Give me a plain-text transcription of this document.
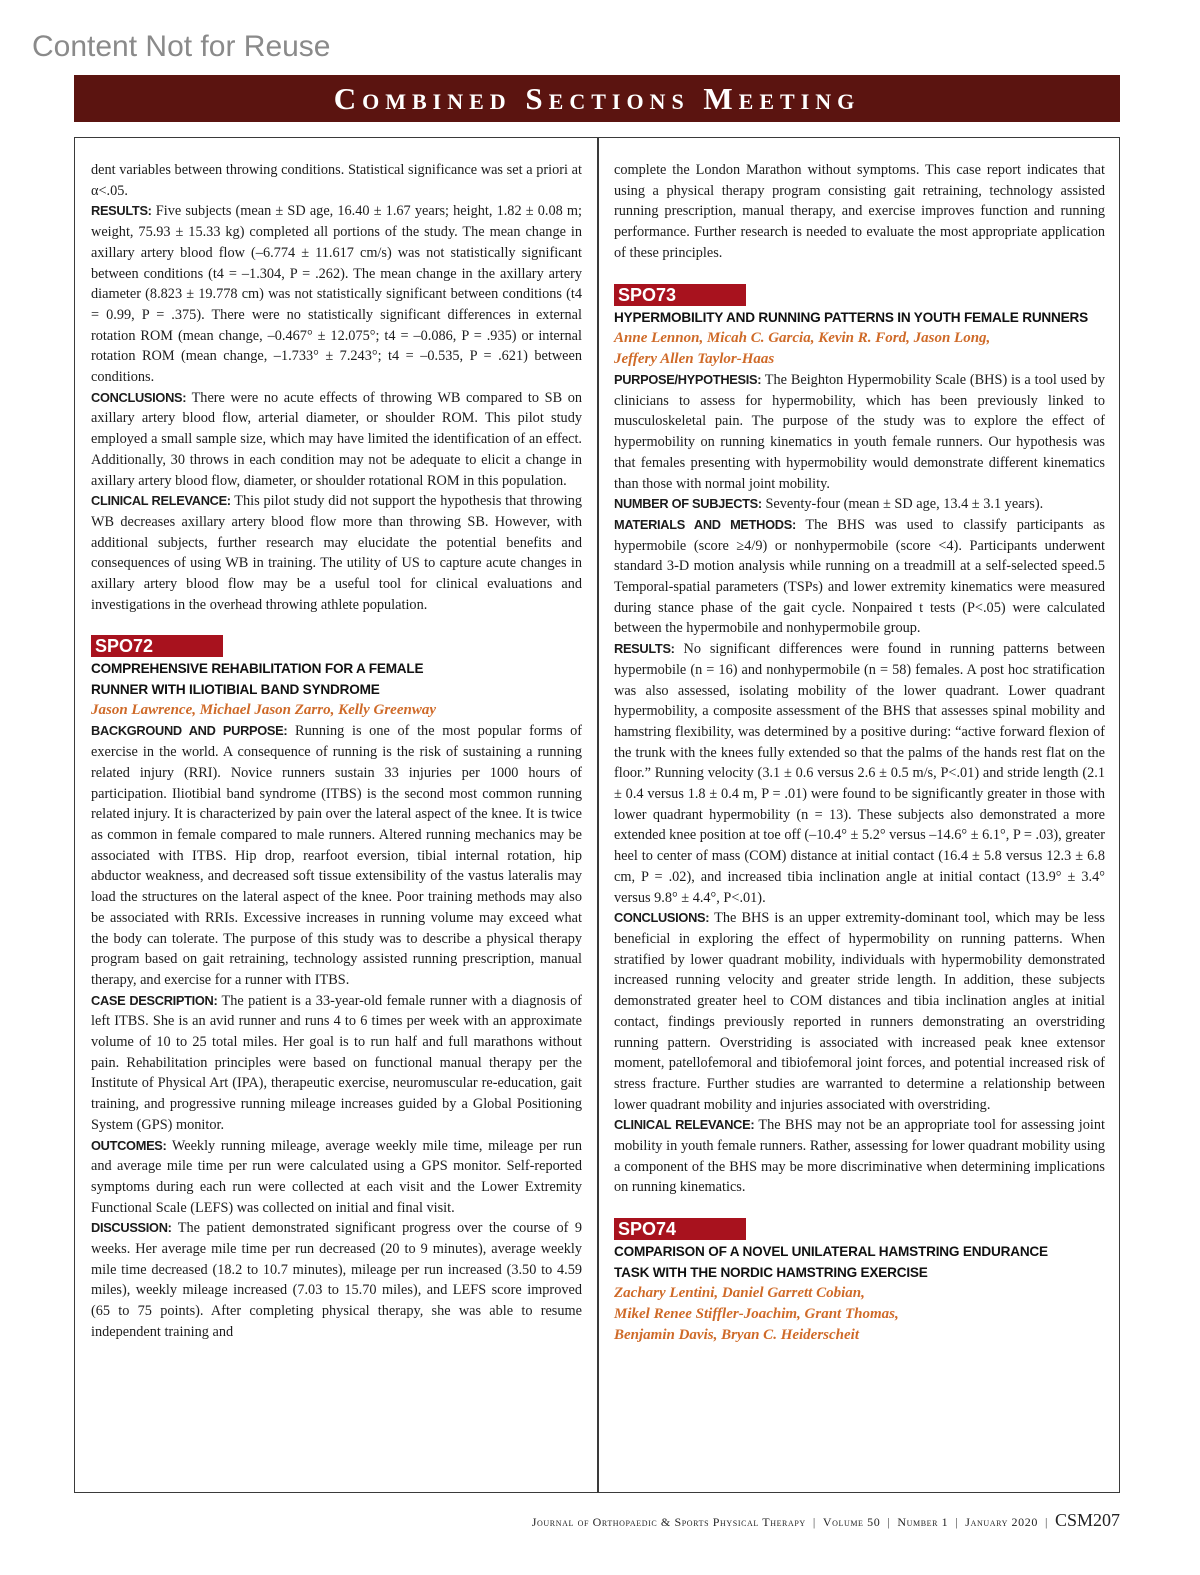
Content Not for Reuse
Combined Sections Meeting

dent variables between throwing conditions. Statistical significance was set a priori at α<.05.

RESULTS: Five subjects (mean ± SD age, 16.40 ± 1.67 years; height, 1.82 ± 0.08 m; weight, 75.93 ± 15.33 kg) completed all portions of the study. The mean change in axillary artery blood flow (–6.774 ± 11.617 cm/s) was not statistically significant between conditions (t4 = –1.304, P = .262). The mean change in the axillary artery diameter (8.823 ± 19.778 cm) was not statistically significant between conditions (t4 = 0.99, P = .375). There were no statistically significant differences in external rotation ROM (mean change, –0.467° ± 12.075°; t4 = –0.086, P = .935) or internal rotation ROM (mean change, –1.733° ± 7.243°; t4 = –0.535, P = .621) between conditions.

CONCLUSIONS: There were no acute effects of throwing WB compared to SB on axillary artery blood flow, arterial diameter, or shoulder ROM. This pilot study employed a small sample size, which may have limited the identification of an effect. Additionally, 30 throws in each condition may not be adequate to elicit a change in axillary artery blood flow, diameter, or shoulder rotational ROM in this population.

CLINICAL RELEVANCE: This pilot study did not support the hypothesis that throwing WB decreases axillary artery blood flow more than throwing SB. However, with additional subjects, further research may elucidate the potential benefits and consequences of using WB in training. The utility of US to capture acute changes in axillary artery blood flow may be a useful tool for clinical evaluations and investigations in the overhead throwing athlete population.

SPO72
COMPREHENSIVE REHABILITATION FOR A FEMALE
RUNNER WITH ILIOTIBIAL BAND SYNDROME
Jason Lawrence, Michael Jason Zarro, Kelly Greenway

BACKGROUND AND PURPOSE: Running is one of the most popular forms of exercise in the world. A consequence of running is the risk of sustaining a running related injury (RRI). Novice runners sustain 33 injuries per 1000 hours of participation. Iliotibial band syndrome (ITBS) is the second most common running related injury. It is characterized by pain over the lateral aspect of the knee. It is twice as common in female compared to male runners. Altered running mechanics may be associated with ITBS. Hip drop, rearfoot eversion, tibial internal rotation, hip abductor weakness, and decreased soft tissue extensibility of the vastus lateralis may load the structures on the lateral aspect of the knee. Poor training methods may also be associated with RRIs. Excessive increases in running volume may exceed what the body can tolerate. The purpose of this study was to describe a physical therapy program based on gait retraining, technology assisted running prescription, manual therapy, and exercise for a runner with ITBS.

CASE DESCRIPTION: The patient is a 33-year-old female runner with a diagnosis of left ITBS. She is an avid runner and runs 4 to 6 times per week with an approximate volume of 10 to 25 total miles. Her goal is to run half and full marathons without pain. Rehabilitation principles were based on functional manual therapy per the Institute of Physical Art (IPA), therapeutic exercise, neuromuscular re-education, gait training, and progressive running mileage increases guided by a Global Positioning System (GPS) monitor.

OUTCOMES: Weekly running mileage, average weekly mile time, mileage per run and average mile time per run were calculated using a GPS monitor. Self-reported symptoms during each run were collected at each visit and the Lower Extremity Functional Scale (LEFS) was collected on initial and final visit.

DISCUSSION: The patient demonstrated significant progress over the course of 9 weeks. Her average mile time per run decreased (20 to 9 minutes), average weekly mile time decreased (18.2 to 10.7 minutes), mileage per run increased (3.50 to 4.59 miles), weekly mileage increased (7.03 to 15.70 miles), and LEFS score improved (65 to 75 points). After completing physical therapy, she was able to resume independent training and

complete the London Marathon without symptoms. This case report indicates that using a physical therapy program consisting gait retraining, technology assisted running prescription, manual therapy, and exercise improves function and running performance. Further research is needed to evaluate the most appropriate application of these principles.

SPO73
HYPERMOBILITY AND RUNNING PATTERNS IN YOUTH FEMALE RUNNERS
Anne Lennon, Micah C. Garcia, Kevin R. Ford, Jason Long,
Jeffery Allen Taylor-Haas

PURPOSE/HYPOTHESIS: The Beighton Hypermobility Scale (BHS) is a tool used by clinicians to assess for hypermobility, which has been previously linked to musculoskeletal pain. The purpose of the study was to explore the effect of hypermobility on running kinematics in youth female runners. Our hypothesis was that females presenting with hypermobility would demonstrate different kinematics than those with normal joint mobility.

NUMBER OF SUBJECTS: Seventy-four (mean ± SD age, 13.4 ± 3.1 years).

MATERIALS AND METHODS: The BHS was used to classify participants as hypermobile (score ≥4/9) or nonhypermobile (score <4). Participants underwent standard 3-D motion analysis while running on a treadmill at a self-selected speed.5 Temporal-spatial parameters (TSPs) and lower extremity kinematics were measured during stance phase of the gait cycle. Nonpaired t tests (P<.05) were calculated between the hypermobile and nonhypermobile group.

RESULTS: No significant differences were found in running patterns between hypermobile (n = 16) and nonhypermobile (n = 58) females. A post hoc stratification was also assessed, isolating mobility of the lower quadrant. Lower quadrant hypermobility, a composite assessment of the BHS that assesses spinal mobility and hamstring flexibility, was determined by a positive during: “active forward flexion of the trunk with the knees fully extended so that the palms of the hands rest flat on the floor.” Running velocity (3.1 ± 0.6 versus 2.6 ± 0.5 m/s, P<.01) and stride length (2.1 ± 0.4 versus 1.8 ± 0.4 m, P = .01) were found to be significantly greater in those with lower quadrant hypermobility (n = 13). These subjects also demonstrated a more extended knee position at toe off (–10.4° ± 5.2° versus –14.6° ± 6.1°, P = .03), greater heel to center of mass (COM) distance at initial contact (16.4 ± 5.8 versus 12.3 ± 6.8 cm, P = .02), and increased tibia inclination angle at initial contact (13.9° ± 3.4° versus 9.8° ± 4.4°, P<.01).

CONCLUSIONS: The BHS is an upper extremity-dominant tool, which may be less beneficial in exploring the effect of hypermobility on running patterns. When stratified by lower quadrant mobility, individuals with hypermobility demonstrated increased running velocity and greater stride length. In addition, these subjects demonstrated greater heel to COM distances and tibia inclination angles at initial contact, findings previously reported in runners demonstrating an overstriding running pattern. Overstriding is associated with increased peak knee extensor moment, patellofemoral and tibiofemoral joint forces, and potential increased risk of stress fracture. Further studies are warranted to determine a relationship between lower quadrant mobility and injuries associated with overstriding.

CLINICAL RELEVANCE: The BHS may not be an appropriate tool for assessing joint mobility in youth female runners. Rather, assessing for lower quadrant mobility using a component of the BHS may be more discriminative when determining implications on running kinematics.

SPO74
COMPARISON OF A NOVEL UNILATERAL HAMSTRING ENDURANCE
TASK WITH THE NORDIC HAMSTRING EXERCISE
Zachary Lentini, Daniel Garrett Cobian,
Mikel Renee Stiffler-Joachim, Grant Thomas,
Benjamin Davis, Bryan C. Heiderscheit
Journal of Orthopaedic & Sports Physical Therapy | Volume 50 | Number 1 | January 2020 | CSM207
